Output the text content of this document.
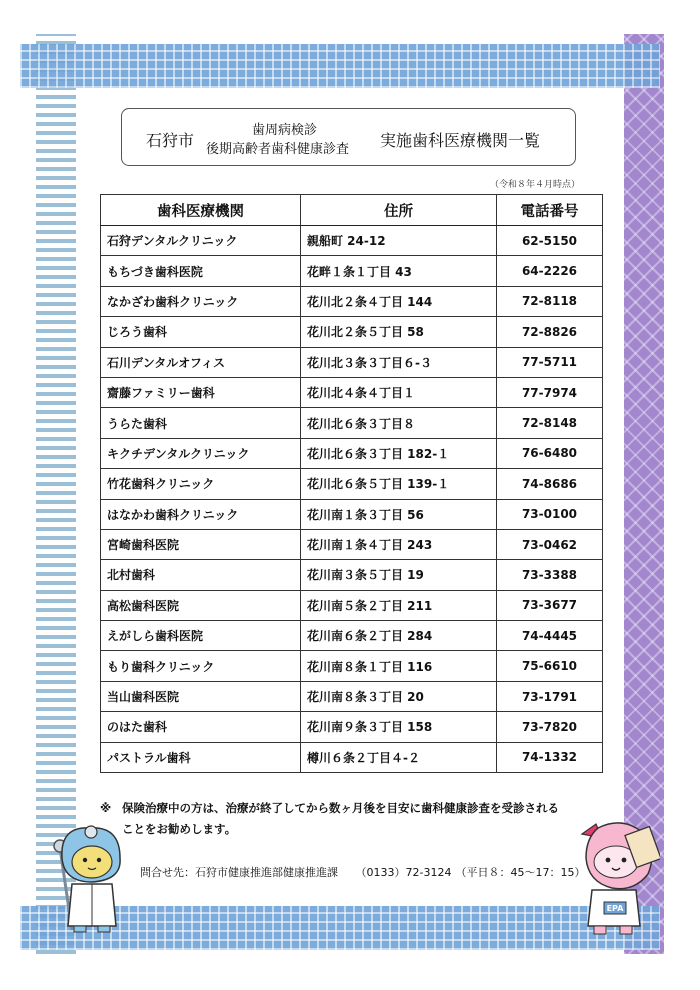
石狩市
歯周病検診
後期高齢者歯科健康診査 実施歯科医療機関一覧
（令和８年４月時点）
歯科医療機関	住所	電話番号
石狩デンタルクリニック	親船町 24-12	62-5150
もちづき歯科医院	花畔１条１丁目 43	64-2226
なかざわ歯科クリニック	花川北２条４丁目 144	72-8118
じろう歯科	花川北２条５丁目 58	72-8826
石川デンタルオフィス	花川北３条３丁目６-３	77-5711
齋藤ファミリー歯科	花川北４条４丁目１	77-7974
うらた歯科	花川北６条３丁目８	72-8148
キクチデンタルクリニック	花川北６条３丁目 182-１	76-6480
竹花歯科クリニック	花川北６条５丁目 139-１	74-8686
はなかわ歯科クリニック	花川南１条３丁目 56	73-0100
宮崎歯科医院	花川南１条４丁目 243	73-0462
北村歯科	花川南３条５丁目 19	73-3388
高松歯科医院	花川南５条２丁目 211	73-3677
えがしら歯科医院	花川南６条２丁目 284	74-4445
もり歯科クリニック	花川南８条１丁目 116	75-6610
当山歯科医院	花川南８条３丁目 20	73-1791
のはた歯科	花川南９条３丁目 158	73-7820
パストラル歯科	樽川６条２丁目４-２	74-1332
※ 保険治療中の方は、治療が終了してから数ヶ月後を目安に歯科健康診査を受診される
ことをお勧めします。
問合せ先：石狩市健康推進部健康推進課 （0133）72-3124 （平日８：45～17：15）
EPA
